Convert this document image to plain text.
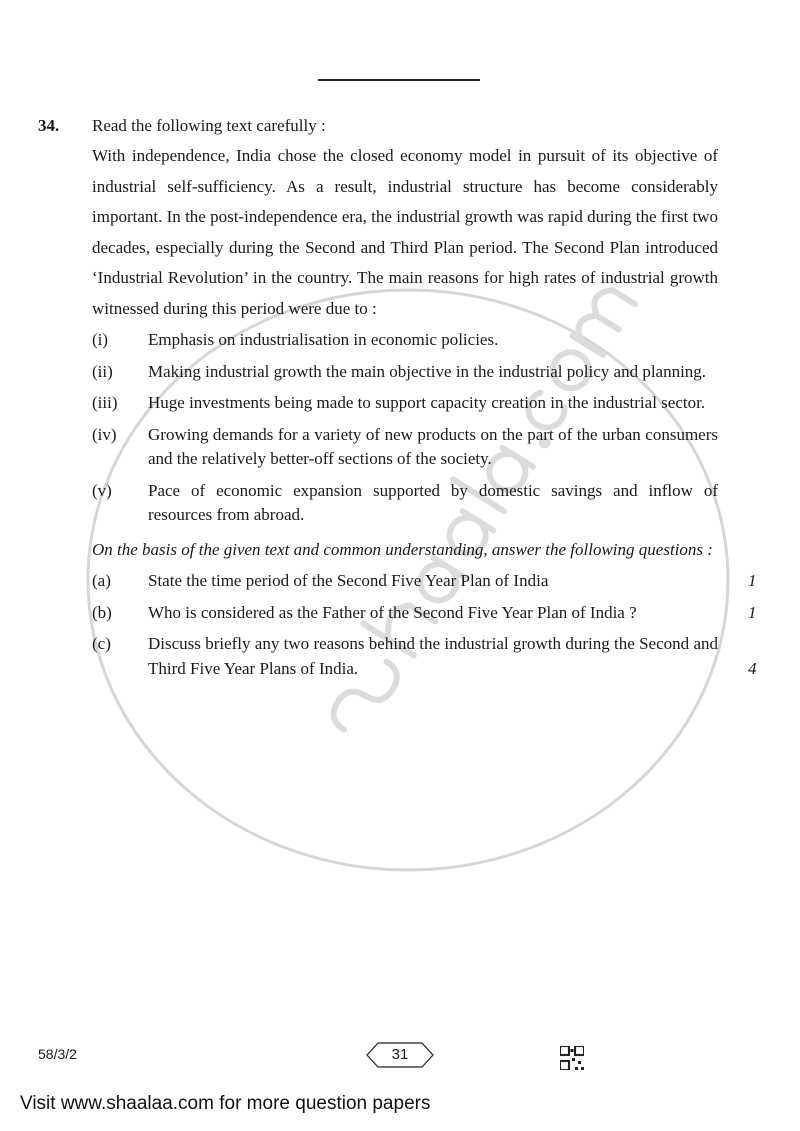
34.	Read the following text carefully :
With independence, India chose the closed economy model in pursuit of its objective of industrial self-sufficiency. As a result, industrial structure has become considerably important. In the post-independence era, the industrial growth was rapid during the first two decades, especially during the Second and Third Plan period. The Second Plan introduced ‘Industrial Revolution’ in the country. The main reasons for high rates of industrial growth witnessed during this period were due to :
(i)	Emphasis on industrialisation in economic policies.
(ii)	Making industrial growth the main objective in the industrial policy and planning.
(iii)	Huge investments being made to support capacity creation in the industrial sector.
(iv)	Growing demands for a variety of new products on the part of the urban consumers and the relatively better-off sections of the society.
(v)	Pace of economic expansion supported by domestic savings and inflow of resources from abroad.
On the basis of the given text and common understanding, answer the following questions :
(a)	State the time period of the Second Five Year Plan of India	1
(b)	Who is considered as the Father of the Second Five Year Plan of India ?	1
(c)	Discuss briefly any two reasons behind the industrial growth during the Second and Third Five Year Plans of India.	4
58/3/2	31
Visit www.shaalaa.com for more question papers
